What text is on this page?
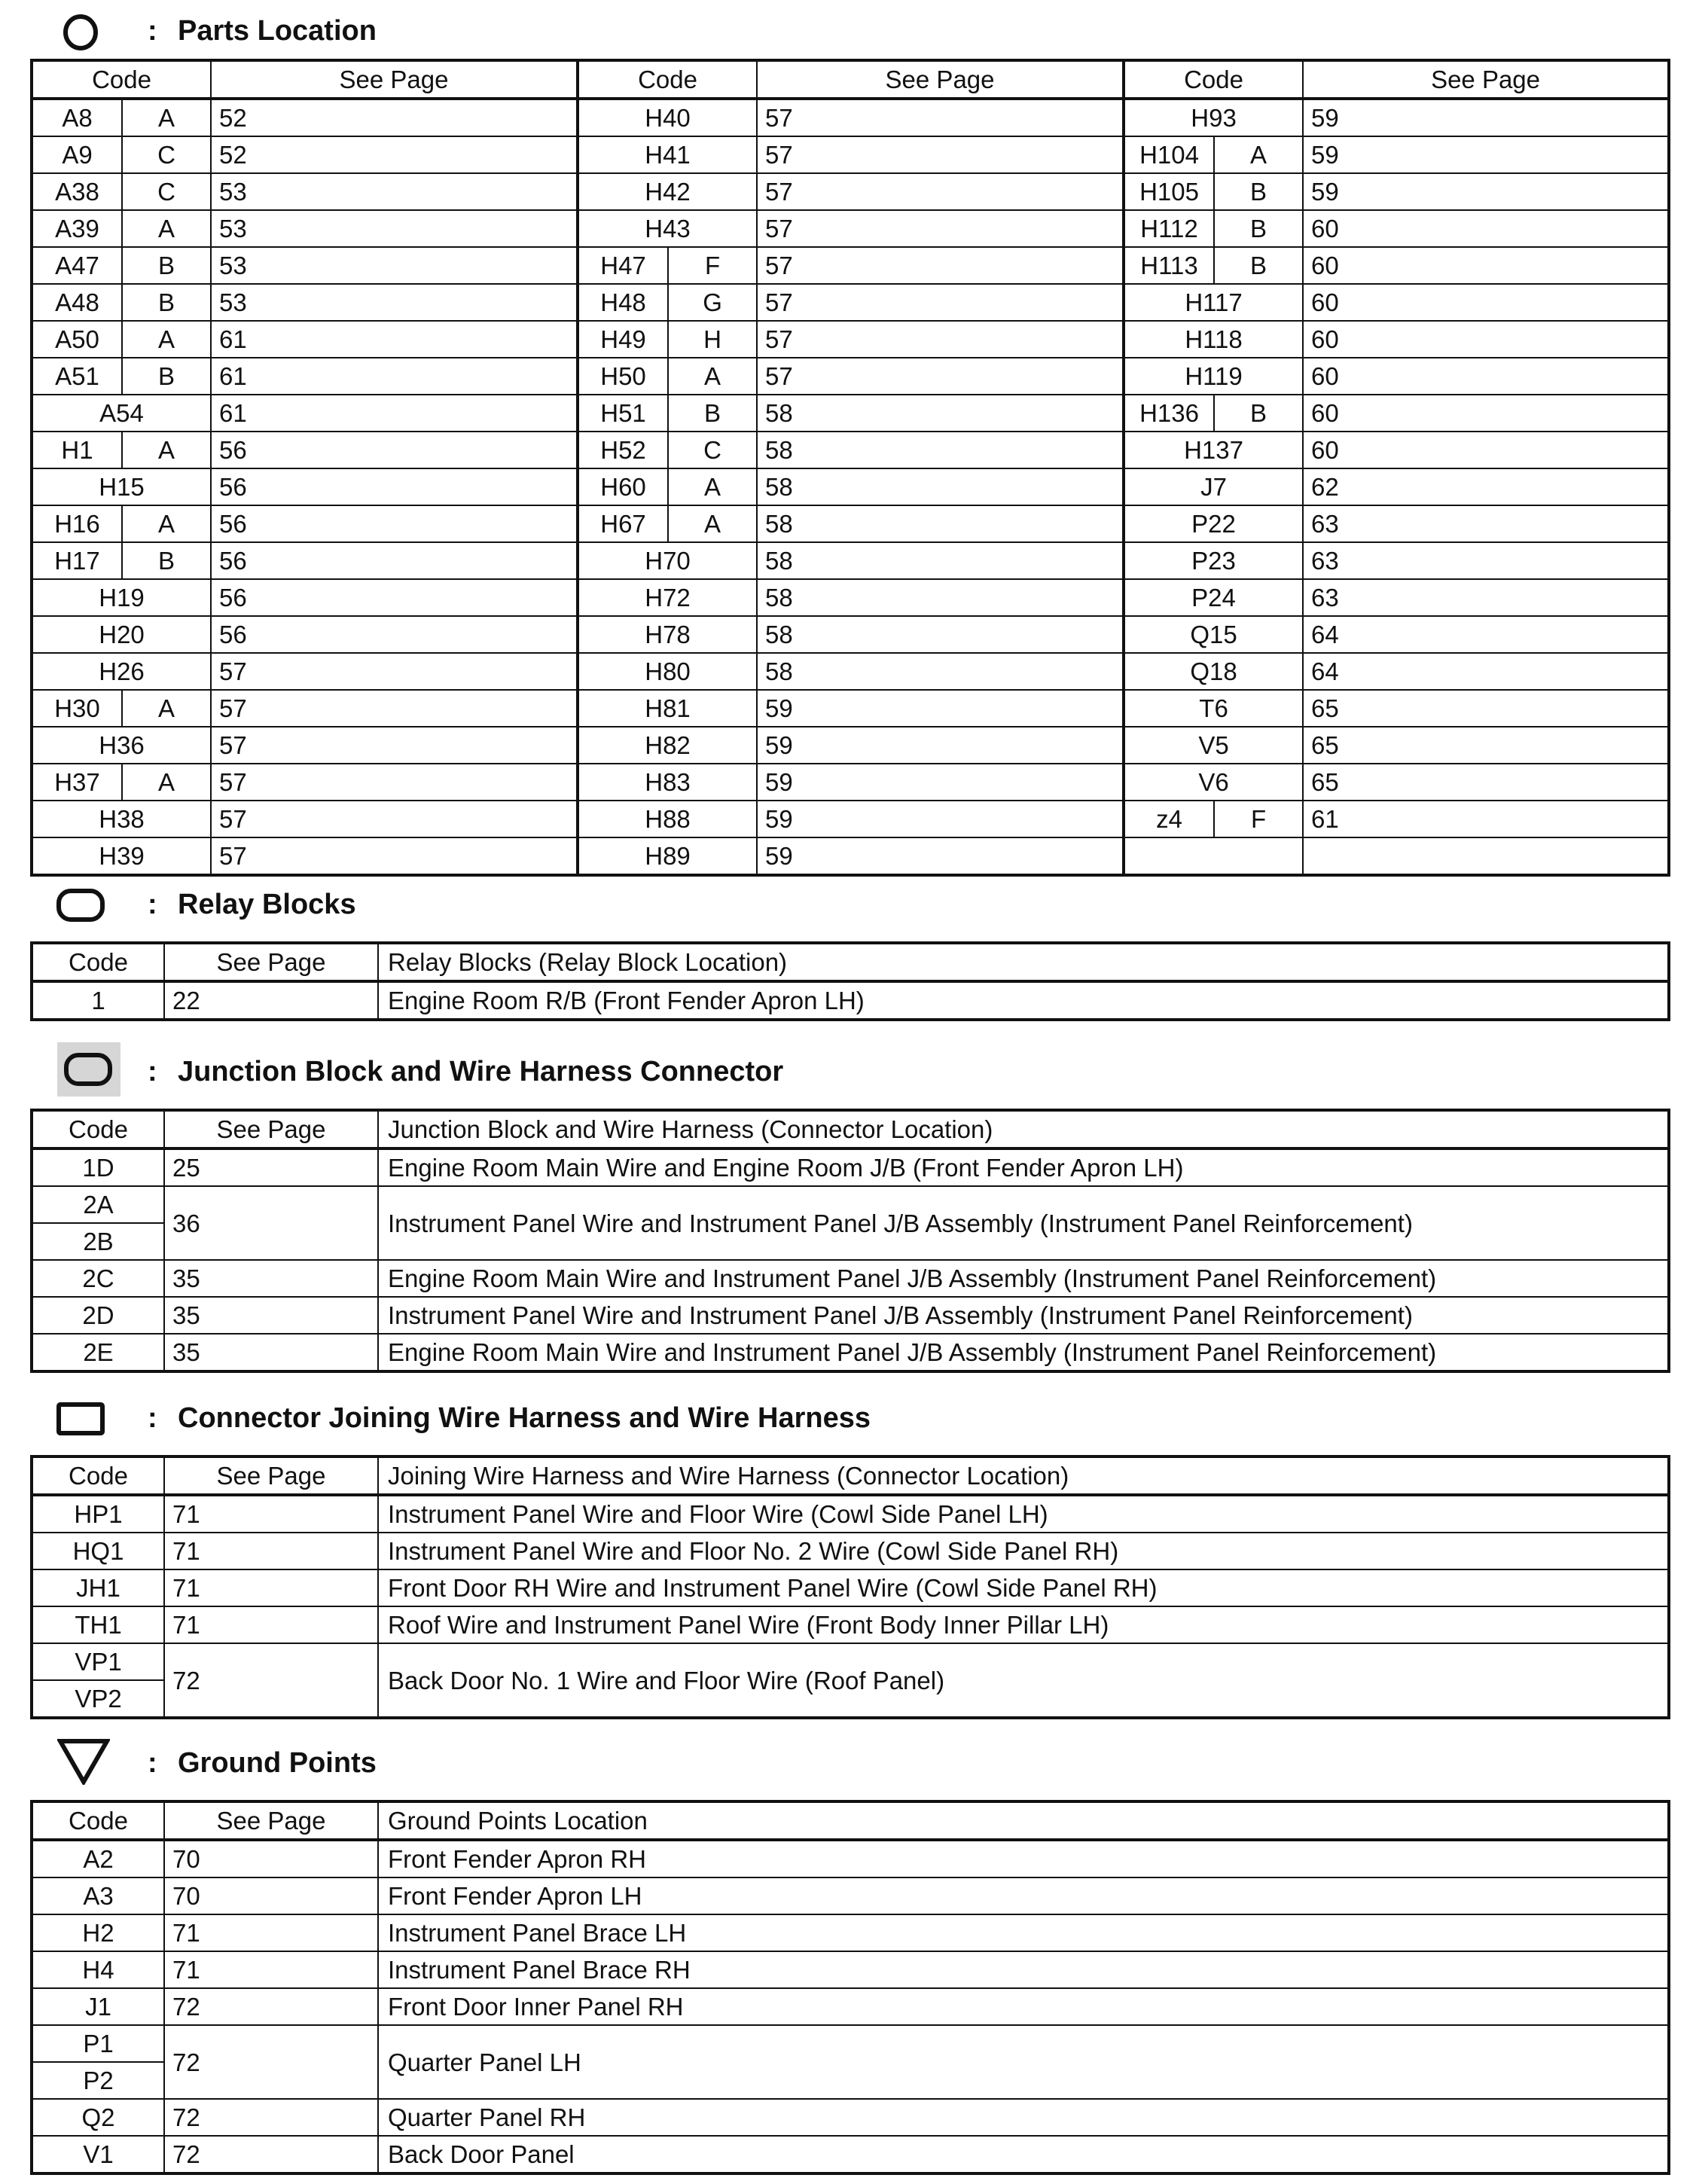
: Parts Location
Code		See Page	Code		See Page	Code		See Page
A8	A	52	H40		57	H93		59
A9	C	52	H41		57	H104	A	59
A38	C	53	H42		57	H105	B	59
A39	A	53	H43		57	H112	B	60
A47	B	53	H47	F	57	H113	B	60
A48	B	53	H48	G	57	H117		60
A50	A	61	H49	H	57	H118		60
A51	B	61	H50	A	57	H119		60
A54		61	H51	B	58	H136	B	60
H1	A	56	H52	C	58	H137		60
H15		56	H60	A	58	J7		62
H16	A	56	H67	A	58	P22		63
H17	B	56	H70		58	P23		63
H19		56	H72		58	P24		63
H20		56	H78		58	Q15		64
H26		57	H80		58	Q18		64
H30	A	57	H81		59	T6		65
H36		57	H82		59	V5		65
H37	A	57	H83		59	V6		65
H38		57	H88		59	z4	F	61
H39		57	H89		59			
: Relay Blocks
Code	See Page	Relay Blocks (Relay Block Location)
1	22	Engine Room R/B (Front Fender Apron LH)
: Junction Block and Wire Harness Connector
Code	See Page	Junction Block and Wire Harness (Connector Location)
1D	25	Engine Room Main Wire and Engine Room J/B (Front Fender Apron LH)
2A	36	Instrument Panel Wire and Instrument Panel J/B Assembly (Instrument Panel Reinforcement)
2B		
2C	35	Engine Room Main Wire and Instrument Panel J/B Assembly (Instrument Panel Reinforcement)
2D	35	Instrument Panel Wire and Instrument Panel J/B Assembly (Instrument Panel Reinforcement)
2E	35	Engine Room Main Wire and Instrument Panel J/B Assembly (Instrument Panel Reinforcement)
: Connector Joining Wire Harness and Wire Harness
Code	See Page	Joining Wire Harness and Wire Harness (Connector Location)
HP1	71	Instrument Panel Wire and Floor Wire (Cowl Side Panel LH)
HQ1	71	Instrument Panel Wire and Floor No. 2 Wire (Cowl Side Panel RH)
JH1	71	Front Door RH Wire and Instrument Panel Wire (Cowl Side Panel RH)
TH1	71	Roof Wire and Instrument Panel Wire (Front Body Inner Pillar LH)
VP1	72	Back Door No. 1 Wire and Floor Wire (Roof Panel)
VP2		
: Ground Points
Code	See Page	Ground Points Location
A2	70	Front Fender Apron RH
A3	70	Front Fender Apron LH
H2	71	Instrument Panel Brace LH
H4	71	Instrument Panel Brace RH
J1	72	Front Door Inner Panel RH
P1	72	Quarter Panel LH
P2		
Q2	72	Quarter Panel RH
V1	72	Back Door Panel
